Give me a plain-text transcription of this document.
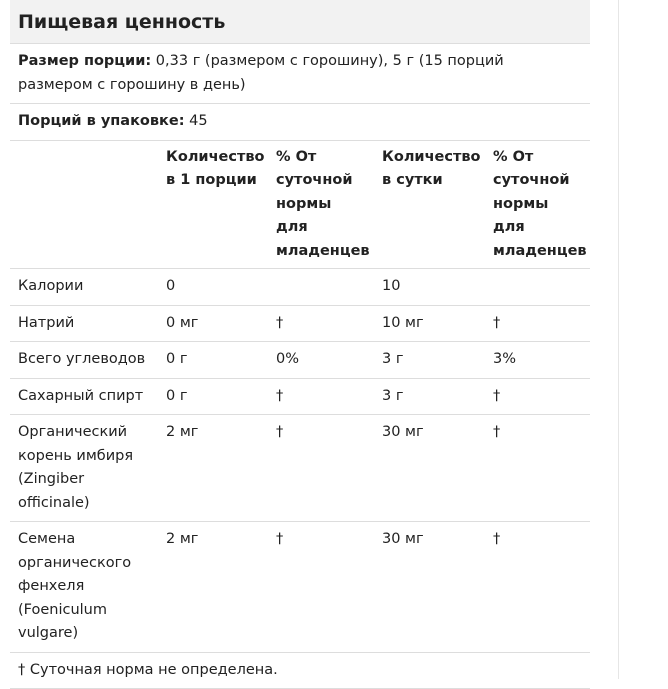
Пищевая ценность
Размер порции: 0,33 г (размером с горошину), 5 г (15 порций размером с горошину в день)
Порций в упаковке: 45
	Количество в 1 порции	% От суточной нормы для младенцев	Количество в сутки	% От суточной нормы для младенцев
Калории	0		10	
Натрий	0 мг	†	10 мг	†
Всего углеводов	0 г	0%	3 г	3%
Сахарный спирт	0 г	†	3 г	†
Органический корень имбиря (Zingiber officinale)	2 мг	†	30 мг	†
Семена органического фенхеля (Foeniculum vulgare)	2 мг	†	30 мг	†
† Суточная норма не определена.
